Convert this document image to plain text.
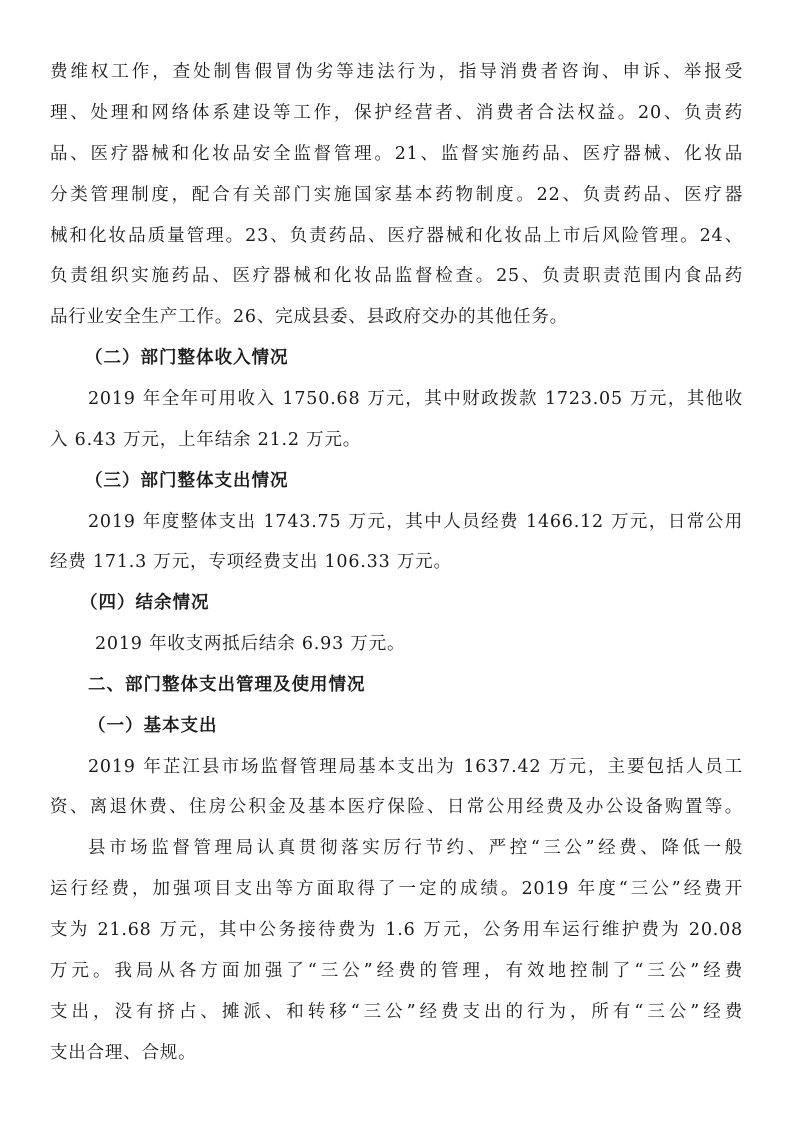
费维权工作，查处制售假冒伪劣等违法行为，指导消费者咨询、申诉、举报受
理、处理和网络体系建设等工作，保护经营者、消费者合法权益。20、负责药
品、医疗器械和化妆品安全监督管理。21、监督实施药品、医疗器械、化妆品
分类管理制度，配合有关部门实施国家基本药物制度。22、负责药品、医疗器
械和化妆品质量管理。23、负责药品、医疗器械和化妆品上市后风险管理。24、
负责组织实施药品、医疗器械和化妆品监督检查。25、负责职责范围内食品药
品行业安全生产工作。26、完成县委、县政府交办的其他任务。
（二）部门整体收入情况
2019 年全年可用收入 1750.68 万元，其中财政拨款 1723.05 万元，其他收
入 6.43 万元，上年结余 21.2 万元。
（三）部门整体支出情况
2019 年度整体支出 1743.75 万元，其中人员经费 1466.12 万元，日常公用
经费 171.3 万元，专项经费支出 106.33 万元。
（四）结余情况
2019 年收支两抵后结余 6.93 万元。
二、部门整体支出管理及使用情况
（一）基本支出
2019 年芷江县市场监督管理局基本支出为 1637.42 万元，主要包括人员工
资、离退休费、住房公积金及基本医疗保险、日常公用经费及办公设备购置等。
县市场监督管理局认真贯彻落实厉行节约、严控“三公”经费、降低一般
运行经费，加强项目支出等方面取得了一定的成绩。2019 年度“三公”经费开
支为 21.68 万元，其中公务接待费为 1.6 万元，公务用车运行维护费为 20.08
万元。我局从各方面加强了“三公”经费的管理，有效地控制了“三公”经费
支出，没有挤占、摊派、和转移“三公”经费支出的行为，所有“三公”经费
支出合理、合规。
